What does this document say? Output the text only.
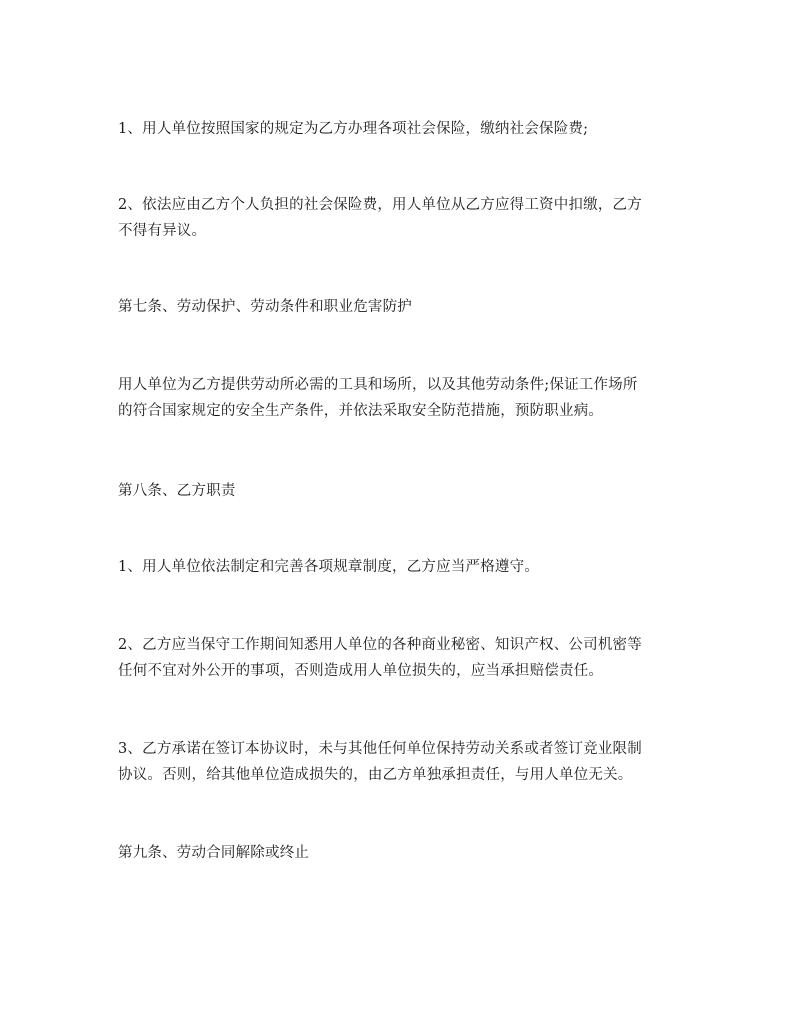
1、用人单位按照国家的规定为乙方办理各项社会保险，缴纳社会保险费;

2、依法应由乙方个人负担的社会保险费，用人单位从乙方应得工资中扣缴，乙方
不得有异议。

第七条、劳动保护、劳动条件和职业危害防护

用人单位为乙方提供劳动所必需的工具和场所，以及其他劳动条件;保证工作场所
的符合国家规定的安全生产条件，并依法采取安全防范措施，预防职业病。

第八条、乙方职责

1、用人单位依法制定和完善各项规章制度，乙方应当严格遵守。

2、乙方应当保守工作期间知悉用人单位的各种商业秘密、知识产权、公司机密等
任何不宜对外公开的事项，否则造成用人单位损失的，应当承担赔偿责任。

3、乙方承诺在签订本协议时，未与其他任何单位保持劳动关系或者签订竞业限制
协议。否则，给其他单位造成损失的，由乙方单独承担责任，与用人单位无关。

第九条、劳动合同解除或终止
